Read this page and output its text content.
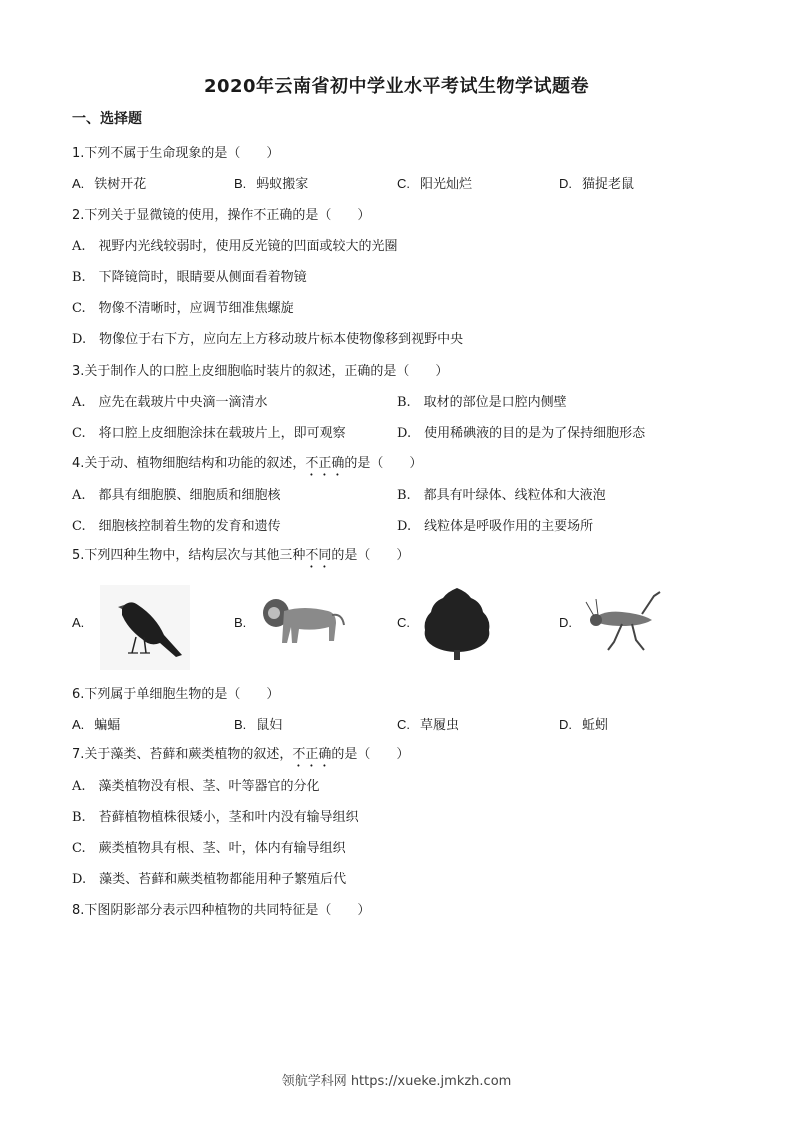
2020年云南省初中学业水平考试生物学试题卷
一、选择题
1.下列不属于生命现象的是（　　）
A. 铁树开花	B. 蚂蚁搬家	C. 阳光灿烂	D. 猫捉老鼠
2.下列关于显微镜的使用，操作不正确的是（　　）
A.　视野内光线较弱时，使用反光镜的凹面或较大的光圈
B.　下降镜筒时，眼睛要从侧面看着物镜
C.　物像不清晰时，应调节细准焦螺旋
D.　物像位于右下方，应向左上方移动玻片标本使物像移到视野中央
3.关于制作人的口腔上皮细胞临时装片的叙述，正确的是（　　）
A.　应先在载玻片中央滴一滴清水	B.　取材的部位是口腔内侧壁
C.　将口腔上皮细胞涂抹在载玻片上，即可观察	D.　使用稀碘液的目的是为了保持细胞形态
4.关于动、植物细胞结构和功能的叙述，不正确的是（　　）
A.　都具有细胞膜、细胞质和细胞核	B.　都具有叶绿体、线粒体和大液泡
C.　细胞核控制着生物的发育和遗传	D.　线粒体是呼吸作用的主要场所
5.下列四种生物中，结构层次与其他三种不同的是（　　）
A.	B.	C.	D.
6.下列属于单细胞生物的是（　　）
A. 蝙蝠	B. 鼠妇	C. 草履虫	D. 蚯蚓
7.关于藻类、苔藓和蕨类植物的叙述，不正确的是（　　）
A.　藻类植物没有根、茎、叶等器官的分化
B.　苔藓植物植株很矮小，茎和叶内没有输导组织
C.　蕨类植物具有根、茎、叶，体内有输导组织
D.　藻类、苔藓和蕨类植物都能用种子繁殖后代
8.下图阴影部分表示四种植物的共同特征是（　　）
领航学科网 https://xueke.jmkzh.com
